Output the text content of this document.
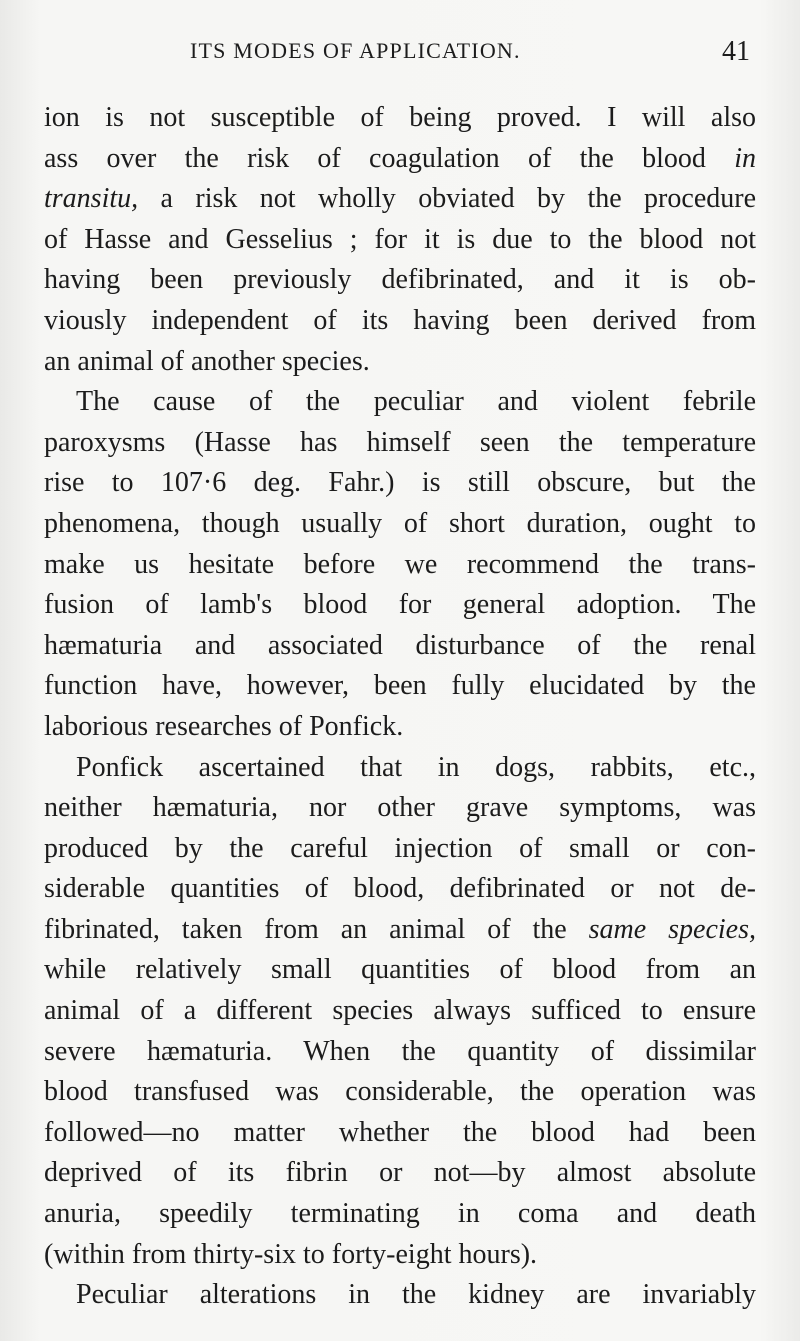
ITS MODES OF APPLICATION.	41
ion is not susceptible of being proved. I will also
ass over the risk of coagulation of the blood in
transitu, a risk not wholly obviated by the procedure
of Hasse and Gesselius ; for it is due to the blood not
having been previously defibrinated, and it is ob-
viously independent of its having been derived from
an animal of another species.
The cause of the peculiar and violent febrile
paroxysms (Hasse has himself seen the temperature
rise to 107·6 deg. Fahr.) is still obscure, but the
phenomena, though usually of short duration, ought to
make us hesitate before we recommend the trans-
fusion of lamb's blood for general adoption. The
hæmaturia and associated disturbance of the renal
function have, however, been fully elucidated by the
laborious researches of Ponfick.
Ponfick ascertained that in dogs, rabbits, etc.,
neither hæmaturia, nor other grave symptoms, was
produced by the careful injection of small or con-
siderable quantities of blood, defibrinated or not de-
fibrinated, taken from an animal of the same species,
while relatively small quantities of blood from an
animal of a different species always sufficed to ensure
severe hæmaturia. When the quantity of dissimilar
blood transfused was considerable, the operation was
followed—no matter whether the blood had been
deprived of its fibrin or not—by almost absolute
anuria, speedily terminating in coma and death
(within from thirty-six to forty-eight hours).
Peculiar alterations in the kidney are invariably
